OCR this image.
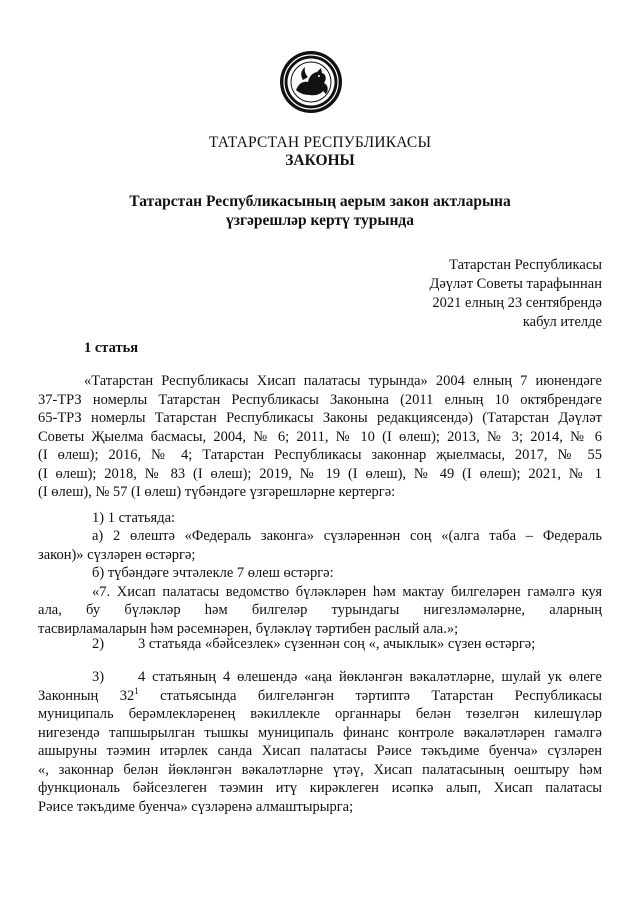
ТАТАРСТАН РЕСПУБЛИКАСЫ
ЗАКОНЫ
Татарстан Республикасының аерым закон актларына
үзгәрешләр кертү турында
Татарстан Республикасы
Дәүләт Советы тарафыннан
2021 елның 23 сентябрендә
кабул ителде
1 статья
«Татарстан Республикасы Хисап палатасы турында» 2004 елның 7 июнендәге
37-ТРЗ номерлы Татарстан Республикасы Законына (2011 елның 10 октябрендәге
65-ТРЗ номерлы Татарстан Республикасы Законы редакциясендә) (Татарстан Дәүләт
Советы Җыелма басмасы, 2004, № 6; 2011, № 10 (I өлеш); 2013, № 3; 2014, № 6
(I өлеш); 2016, № 4; Татарстан Республикасы законнар җыелмасы, 2017, № 55
(I өлеш); 2018, № 83 (I өлеш); 2019, № 19 (I өлеш), № 49 (I өлеш); 2021, № 1
(I өлеш), № 57 (I өлеш) түбәндәге үзгәрешләрне кертергә:
1) 1 статьяда:
а) 2 өлештә «Федераль законга» сүзләреннән соң «(алга таба – Федераль
закон)» сүзләрен өстәргә;
б) түбәндәге эчтәлекле 7 өлеш өстәргә:
«7. Хисап палатасы ведомство бүләкләрен һәм мактау билгеләрен гамәлгә куя
ала, бу бүләкләр һәм билгеләр турындагы нигезләмәләрне, аларның
тасвирламаларын һәм рәсемнәрен, бүләкләү тәртибен раслый ала.»;
2) 3 статьяда «бәйсезлек» сүзеннән соң «, ачыклык» сүзен өстәргә;
3) 4 статьяның 4 өлешендә «аңа йөкләнгән вәкаләтләрне, шулай ук өлеге
Законның $32^1$ статьясында билгеләнгән тәртиптә Татарстан Республикасы
муниципаль берәмлекләренең вәкиллекле органнары белән төзелгән килешүләр
нигезендә тапшырылган тышкы муниципаль финанс контроле вәкаләтләрен гамәлгә
ашыруны тәэмин итәрлек санда Хисап палатасы Рәисе тәкъдиме буенча» сүзләрен
«, законнар белән йөкләнгән вәкаләтләрне үтәү, Хисап палатасының оештыру һәм
функциональ бәйсезлеген тәэмин итү кирәклеген исәпкә алып, Хисап палатасы
Рәисе тәкъдиме буенча» сүзләренә алмаштырырга;
